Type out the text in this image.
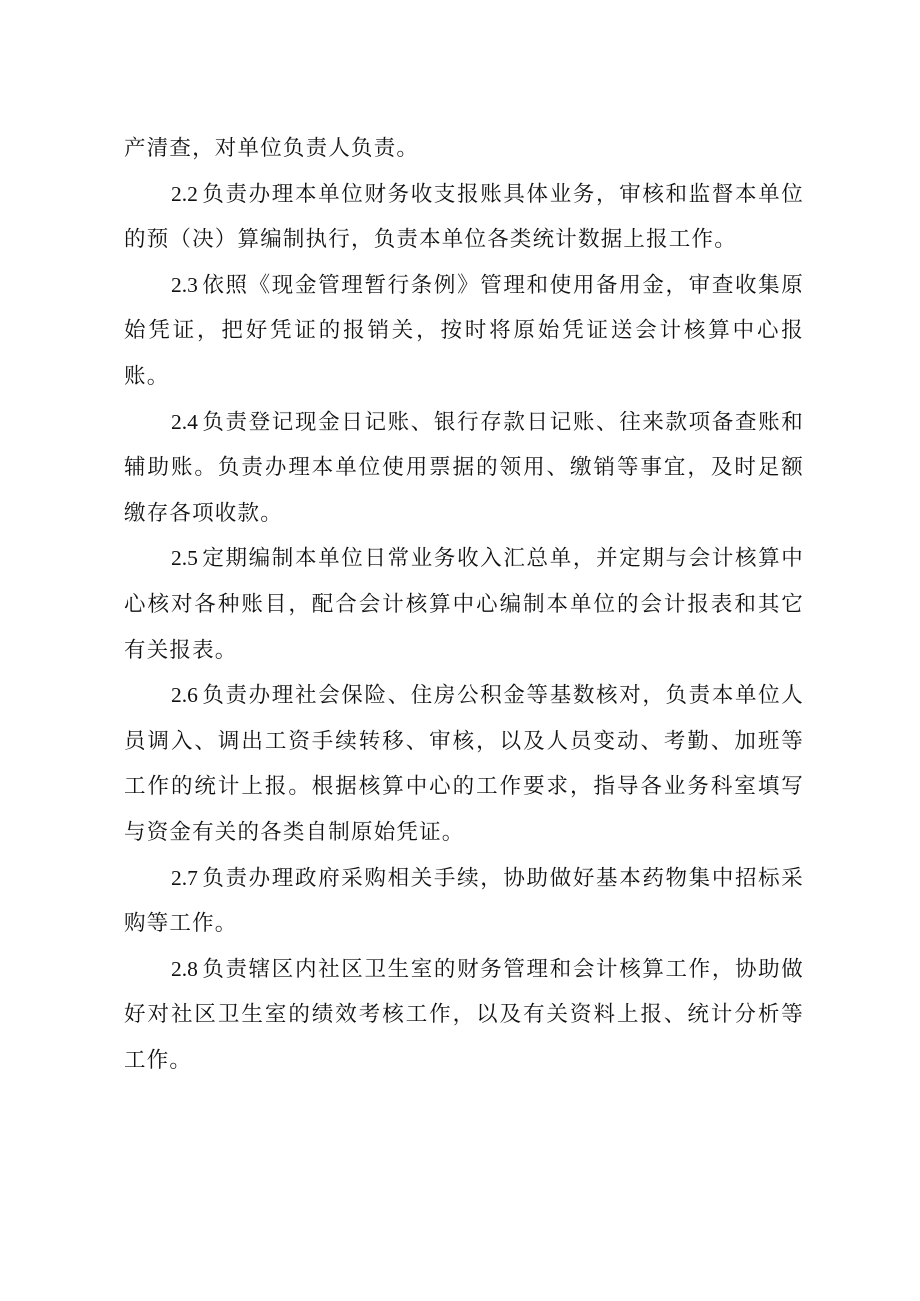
产清查，对单位负责人负责。

2.2 负责办理本单位财务收支报账具体业务，审核和监督本单位的预（决）算编制执行，负责本单位各类统计数据上报工作。

2.3 依照《现金管理暂行条例》管理和使用备用金，审查收集原始凭证，把好凭证的报销关，按时将原始凭证送会计核算中心报账。

2.4 负责登记现金日记账、银行存款日记账、往来款项备查账和辅助账。负责办理本单位使用票据的领用、缴销等事宜，及时足额缴存各项收款。

2.5 定期编制本单位日常业务收入汇总单，并定期与会计核算中心核对各种账目，配合会计核算中心编制本单位的会计报表和其它有关报表。

2.6 负责办理社会保险、住房公积金等基数核对，负责本单位人员调入、调出工资手续转移、审核，以及人员变动、考勤、加班等工作的统计上报。根据核算中心的工作要求，指导各业务科室填写与资金有关的各类自制原始凭证。

2.7 负责办理政府采购相关手续，协助做好基本药物集中招标采购等工作。

2.8 负责辖区内社区卫生室的财务管理和会计核算工作，协助做好对社区卫生室的绩效考核工作，以及有关资料上报、统计分析等工作。
